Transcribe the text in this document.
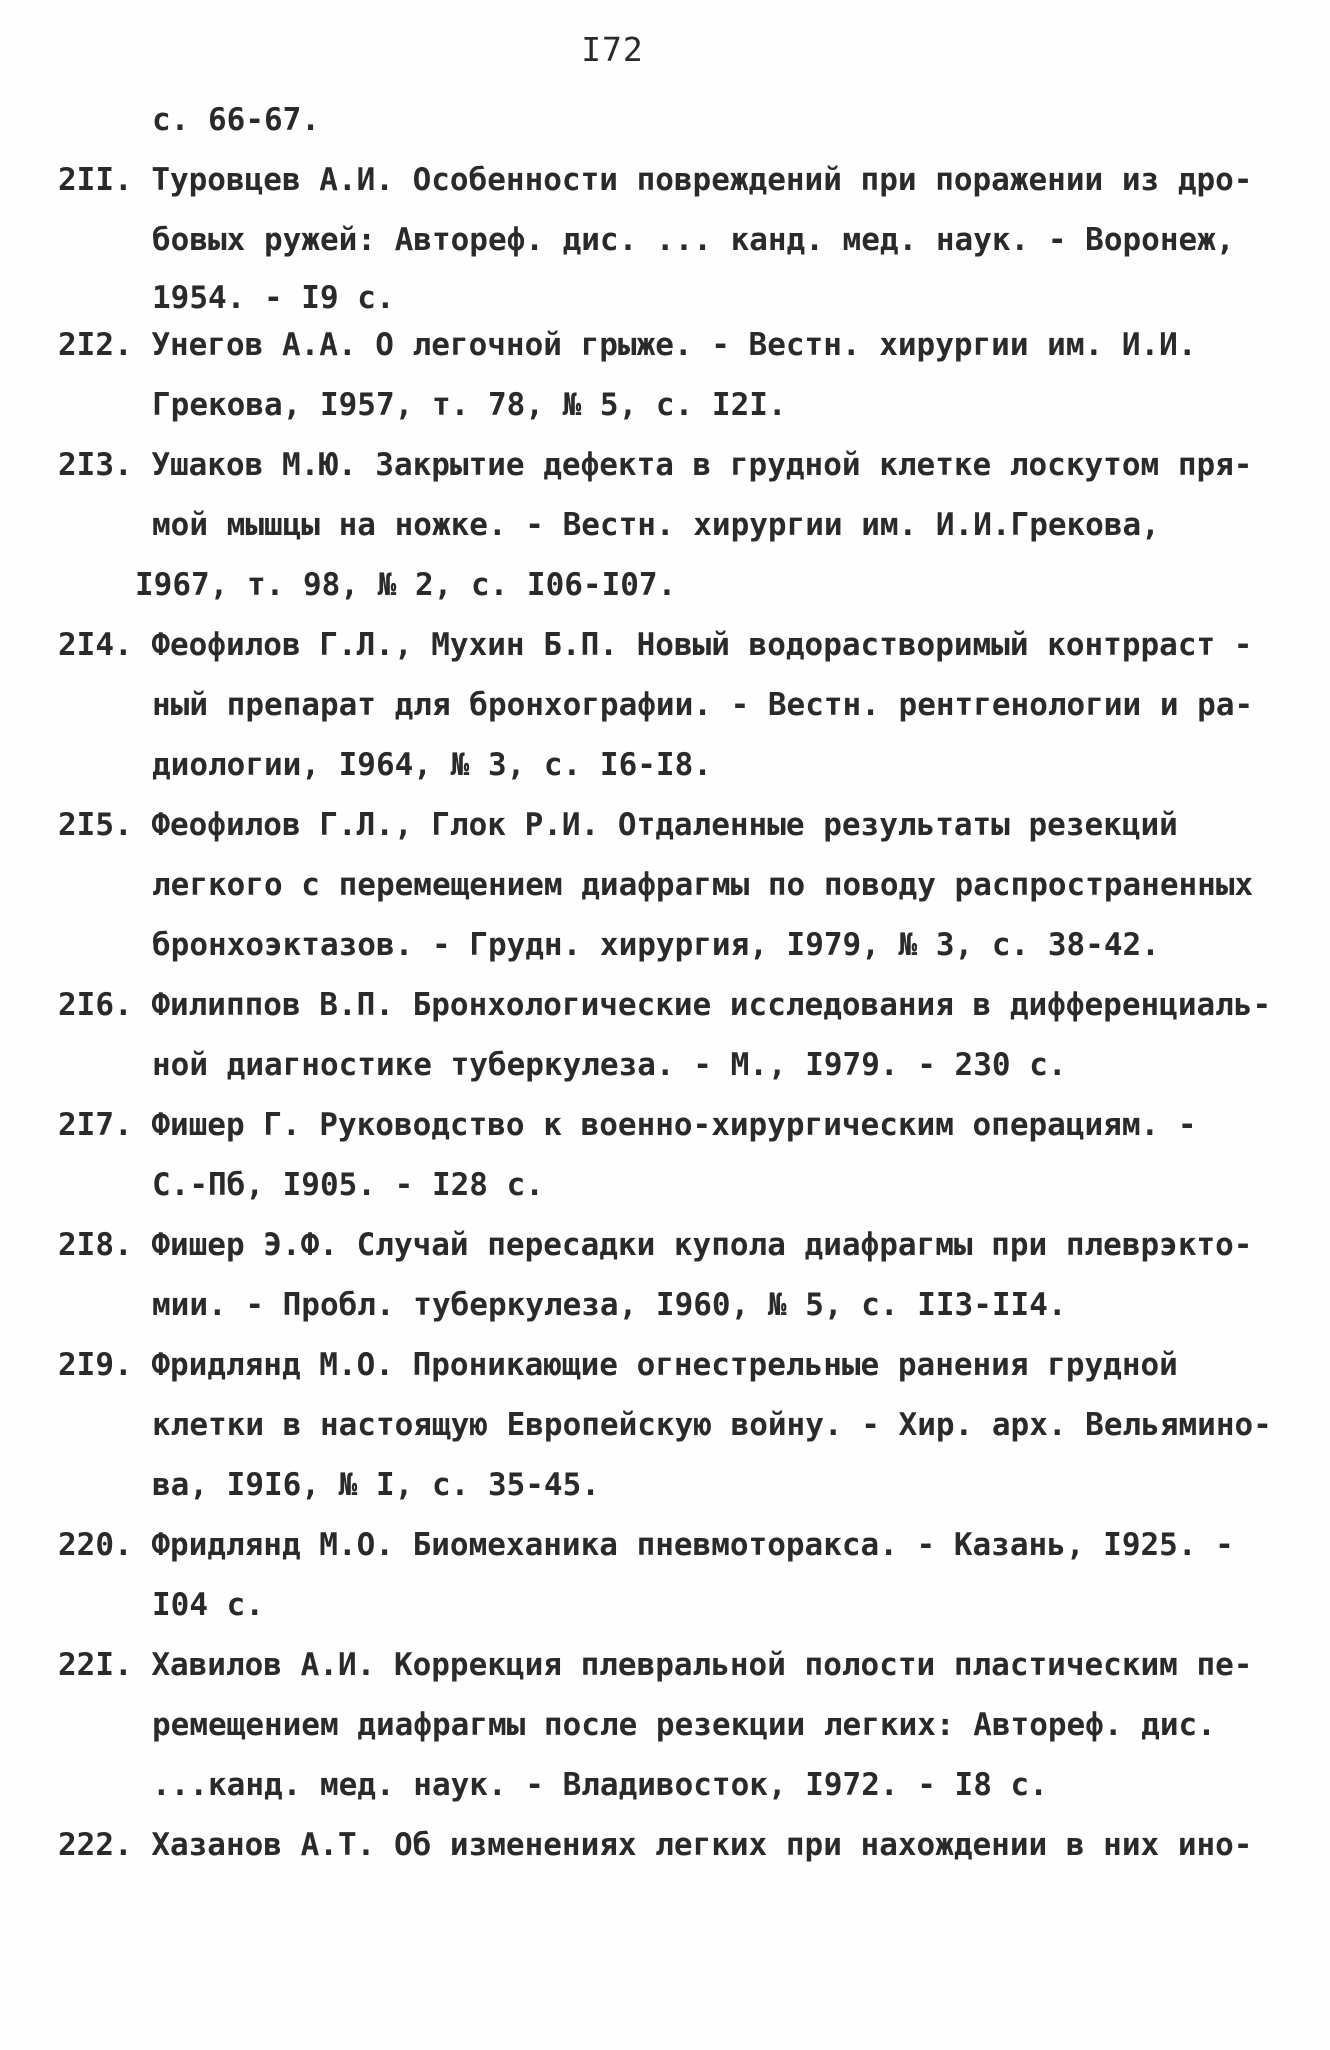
I72
с. 66-67.
2II. Туровцев А.И. Особенности повреждений при поражении из дро-
бовых ружей: Автореф. дис. ... канд. мед. наук. - Воронеж,
1954. - I9 с.
2I2. Унегов А.А. О легочной грыже. - Вестн. хирургии им. И.И.
Грекова, I957, т. 78, № 5, с. I2I.
2I3. Ушаков М.Ю. Закрытие дефекта в грудной клетке лоскутом пря-
мой мышцы на ножке. - Вестн. хирургии им. И.И.Грекова,
I967, т. 98, № 2, с. I06-I07.
2I4. Феофилов Г.Л., Мухин Б.П. Новый водорастворимый контрраст -
ный препарат для бронхографии. - Вестн. рентгенологии и ра-
диологии, I964, № 3, с. I6-I8.
2I5. Феофилов Г.Л., Глок Р.И. Отдаленные результаты резекций
легкого с перемещением диафрагмы по поводу распространенных
бронхоэктазов. - Грудн. хирургия, I979, № 3, с. 38-42.
2I6. Филиппов В.П. Бронхологические исследования в дифференциаль-
ной диагностике туберкулеза. - М., I979. - 230 с.
2I7. Фишер Г. Руководство к военно-хирургическим операциям. -
С.-Пб, I905. - I28 с.
2I8. Фишер Э.Ф. Случай пересадки купола диафрагмы при плеврэкто-
мии. - Пробл. туберкулеза, I960, № 5, с. II3-II4.
2I9. Фридлянд М.О. Проникающие огнестрельные ранения грудной
клетки в настоящую Европейскую войну. - Хир. арх. Вельямино-
ва, I9I6, № I, с. 35-45.
220. Фридлянд М.О. Биомеханика пневмоторакса. - Казань, I925. -
I04 с.
22I. Хавилов А.И. Коррекция плевральной полости пластическим пе-
ремещением диафрагмы после резекции легких: Автореф. дис.
...канд. мед. наук. - Владивосток, I972. - I8 с.
222. Хазанов А.Т. Об изменениях легких при нахождении в них ино-
